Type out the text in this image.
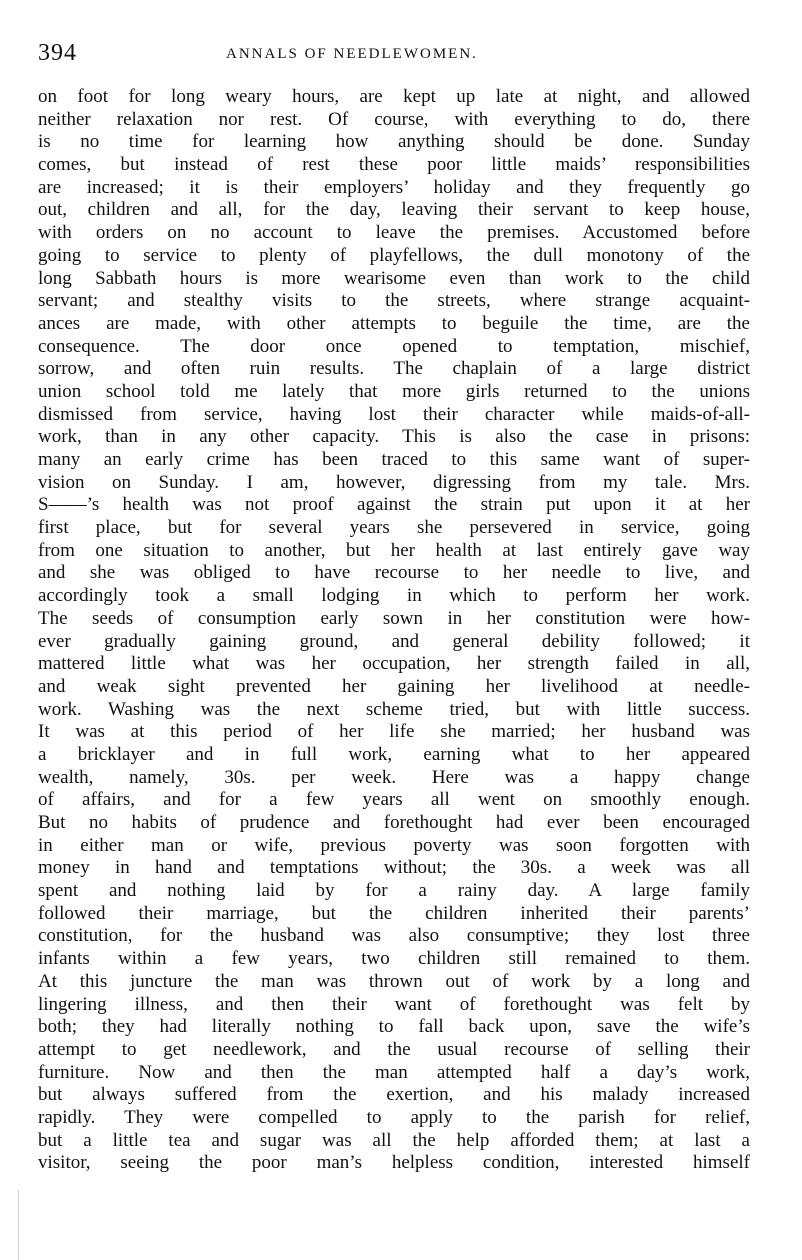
394	ANNALS OF NEEDLEWOMEN.
on foot for long weary hours, are kept up late at night, and allowed
neither relaxation nor rest. Of course, with everything to do, there
is no time for learning how anything should be done. Sunday
comes, but instead of rest these poor little maids’ responsibilities
are increased; it is their employers’ holiday and they frequently go
out, children and all, for the day, leaving their servant to keep house,
with orders on no account to leave the premises. Accustomed before
going to service to plenty of playfellows, the dull monotony of the
long Sabbath hours is more wearisome even than work to the child
servant; and stealthy visits to the streets, where strange acquaint-
ances are made, with other attempts to beguile the time, are the
consequence. The door once opened to temptation, mischief,
sorrow, and often ruin results. The chaplain of a large district
union school told me lately that more girls returned to the unions
dismissed from service, having lost their character while maids-of-all-
work, than in any other capacity. This is also the case in prisons:
many an early crime has been traced to this same want of super-
vision on Sunday. I am, however, digressing from my tale. Mrs.
S——’s health was not proof against the strain put upon it at her
first place, but for several years she persevered in service, going
from one situation to another, but her health at last entirely gave way
and she was obliged to have recourse to her needle to live, and
accordingly took a small lodging in which to perform her work.
The seeds of consumption early sown in her constitution were how-
ever gradually gaining ground, and general debility followed; it
mattered little what was her occupation, her strength failed in all,
and weak sight prevented her gaining her livelihood at needle-
work. Washing was the next scheme tried, but with little success.
It was at this period of her life she married; her husband was
a bricklayer and in full work, earning what to her appeared
wealth, namely, 30s. per week. Here was a happy change
of affairs, and for a few years all went on smoothly enough.
But no habits of prudence and forethought had ever been encouraged
in either man or wife, previous poverty was soon forgotten with
money in hand and temptations without; the 30s. a week was all
spent and nothing laid by for a rainy day. A large family
followed their marriage, but the children inherited their parents’
constitution, for the husband was also consumptive; they lost three
infants within a few years, two children still remained to them.
At this juncture the man was thrown out of work by a long and
lingering illness, and then their want of forethought was felt by
both; they had literally nothing to fall back upon, save the wife’s
attempt to get needlework, and the usual recourse of selling their
furniture. Now and then the man attempted half a day’s work,
but always suffered from the exertion, and his malady increased
rapidly. They were compelled to apply to the parish for relief,
but a little tea and sugar was all the help afforded them; at last a
visitor, seeing the poor man’s helpless condition, interested himself
